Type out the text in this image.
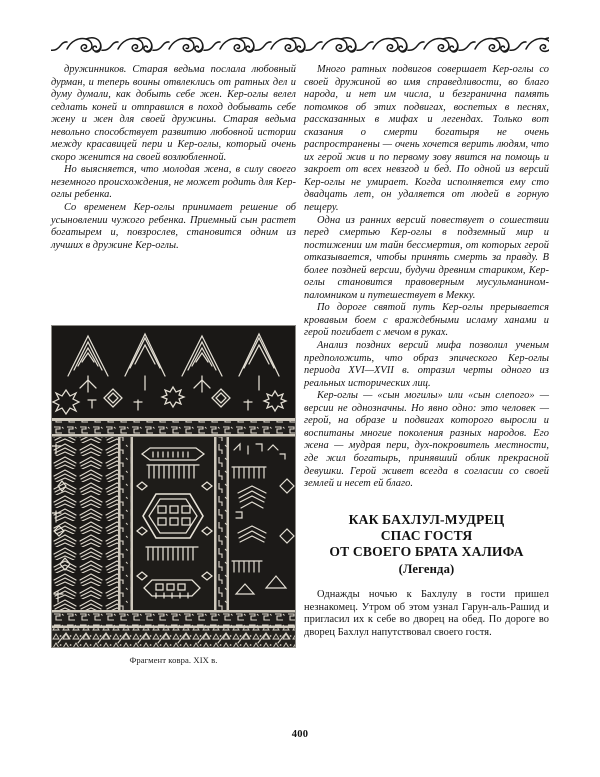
дружинников. Старая ведьма послала любовный дурман, и теперь воины отвлеклись от ратных дел и думу думали, как добыть себе жен. Кер-оглы велел седлать коней и отправился в поход добывать себе жену и жен для своей дружины. Старая ведьма невольно способствует развитию любовной истории между красавицей пери и Кер-оглы, который очень скоро женится на своей возлюбленной.

Но выясняется, что молодая жена, в силу своего неземного происхождения, не может родить для Кер-оглы ребенка.

Со временем Кер-оглы принимает решение об усыновлении чужого ребенка. Приемный сын растет богатырем и, повзрослев, становится одним из лучших в дружине Кер-оглы.

Фрагмент ковра. XIX в.

Много ратных подвигов совершает Кер-оглы со своей дружиной во имя справедливости, во благо народа, и нет им числа, и безгранична память потомков об этих подвигах, воспетых в песнях, рассказанных в мифах и легендах. Только вот сказания о смерти богатыря не очень распространены — очень хочется верить людям, что их герой жив и по первому зову явится на помощь и закроет от всех невзгод и бед. По одной из версий Кер-оглы не умирает. Когда исполняется ему сто двадцать лет, он удаляется от людей в горную пещеру.

Одна из ранних версий повествует о сошествии перед смертью Кер-оглы в подземный мир и постижении им тайн бессмертия, от которых герой отказывается, чтобы принять смерть за правду. В более поздней версии, будучи древним стариком, Кер-оглы становится правоверным мусульманином-паломником и путешествует в Мекку.

По дороге святой путь Кер-оглы прерывается кровавым боем с враждебными исламу ханами и герой погибает с мечом в руках.

Анализ поздних версий мифа позволил ученым предположить, что образ эпического Кер-оглы периода XVI—XVII в. отразил черты одного из реальных исторических лиц.

Кер-оглы — «сын могилы» или «сын слепого» — версии не однозначны. Но явно одно: это человек — герой, на образе и подвигах которого выросли и воспитаны многие поколения разных народов. Его жена — мудрая пери, дух-покровитель местности, где жил богатырь, принявший облик прекрасной девушки. Герой живет всегда в согласии со своей землей и несет ей благо.

КАК БАХЛУЛ-МУДРЕЦ
СПАС ГОСТЯ
ОТ СВОЕГО БРАТА ХАЛИФА
(Легенда)

Однажды ночью к Бахлулу в гости пришел незнакомец. Утром об этом узнал Гарун-аль-Рашид и пригласил их к себе во дворец на обед. По дороге во дворец Бахлул напутствовал своего гостя.

400
